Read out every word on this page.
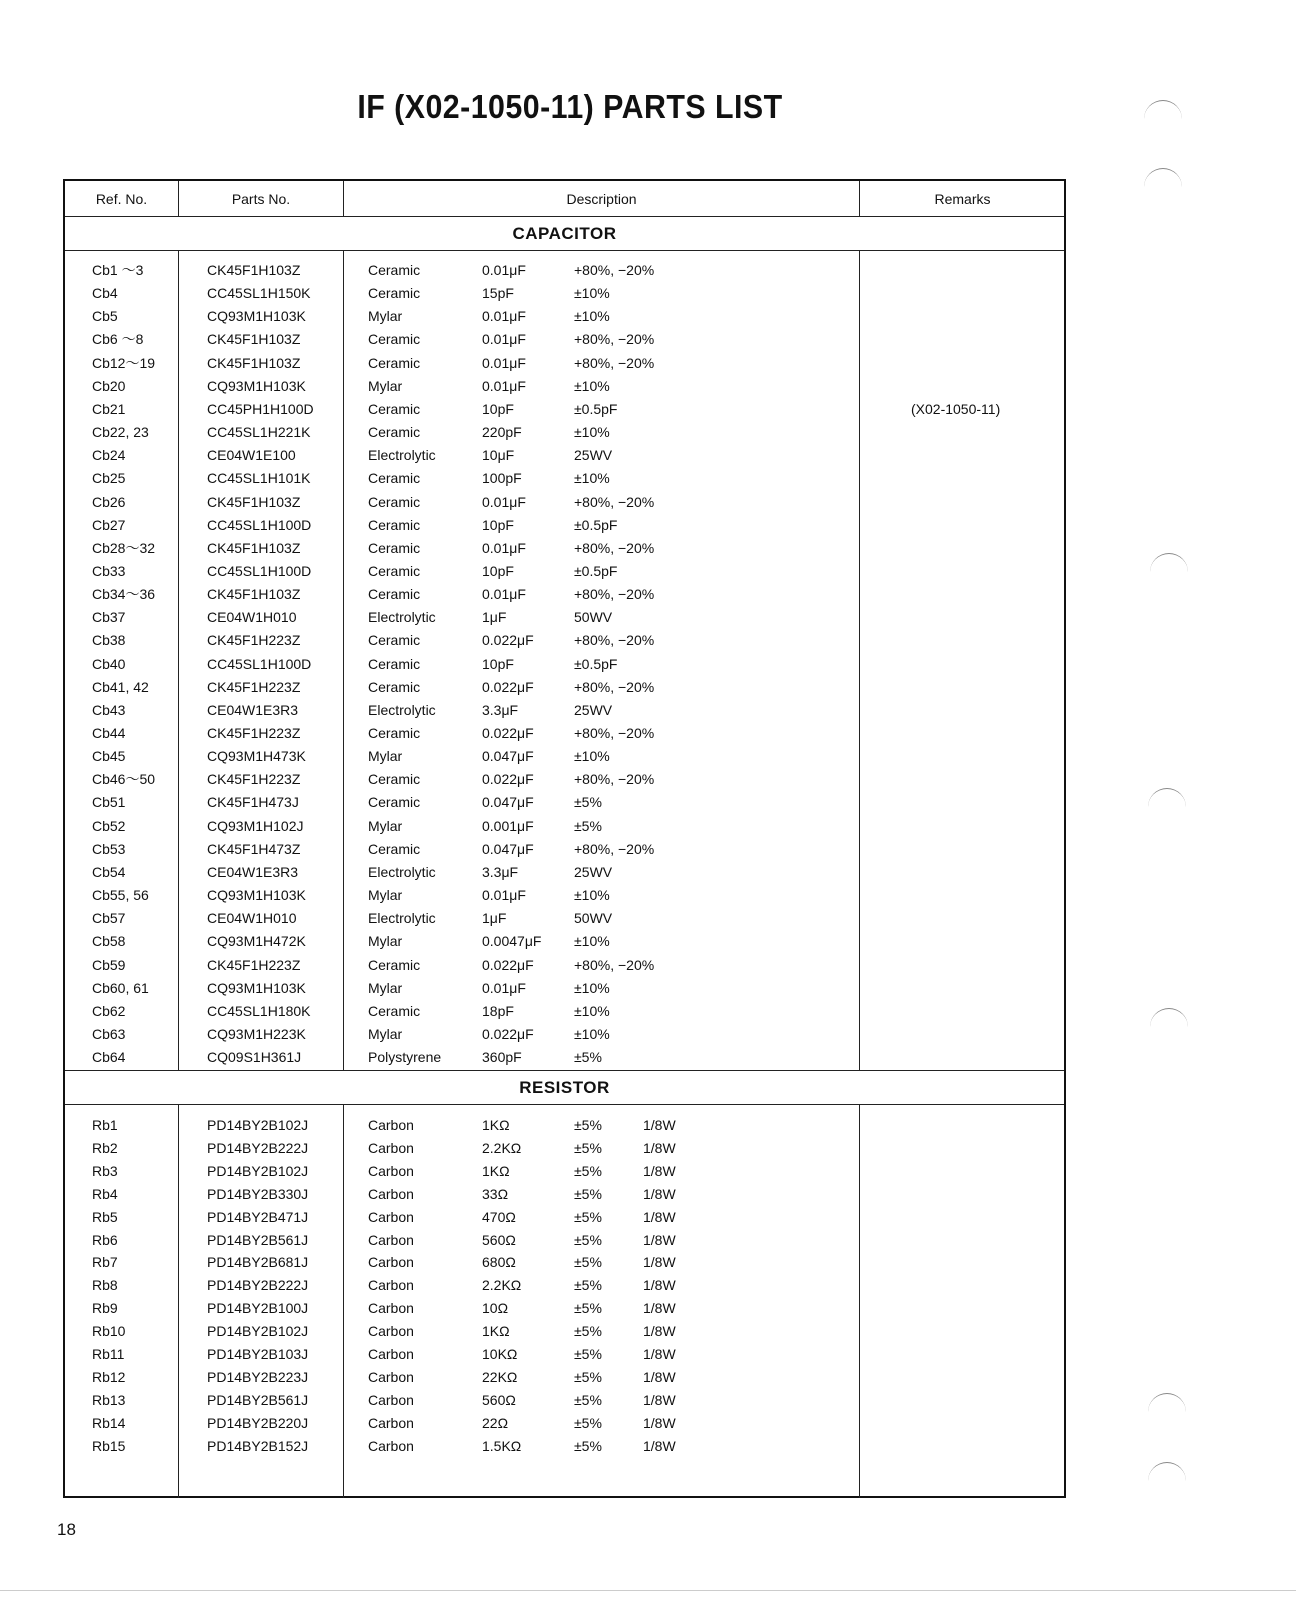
IF (X02-1050-11) PARTS LIST
Ref. No.	Parts No.	Description	Remarks
CAPACITOR
Cb1 ～3	CK45F1H103Z	Ceramic	0.01μF	+80%, −20%
Cb4	CC45SL1H150K	Ceramic	15pF	±10%
Cb5	CQ93M1H103K	Mylar	0.01μF	±10%
Cb6 ～8	CK45F1H103Z	Ceramic	0.01μF	+80%, −20%
Cb12～19	CK45F1H103Z	Ceramic	0.01μF	+80%, −20%
Cb20	CQ93M1H103K	Mylar	0.01μF	±10%
Cb21	CC45PH1H100D	Ceramic	10pF	±0.5pF	(X02-1050-11)
Cb22, 23	CC45SL1H221K	Ceramic	220pF	±10%
Cb24	CE04W1E100	Electrolytic	10μF	25WV
Cb25	CC45SL1H101K	Ceramic	100pF	±10%
Cb26	CK45F1H103Z	Ceramic	0.01μF	+80%, −20%
Cb27	CC45SL1H100D	Ceramic	10pF	±0.5pF
Cb28～32	CK45F1H103Z	Ceramic	0.01μF	+80%, −20%
Cb33	CC45SL1H100D	Ceramic	10pF	±0.5pF
Cb34～36	CK45F1H103Z	Ceramic	0.01μF	+80%, −20%
Cb37	CE04W1H010	Electrolytic	1μF	50WV
Cb38	CK45F1H223Z	Ceramic	0.022μF	+80%, −20%
Cb40	CC45SL1H100D	Ceramic	10pF	±0.5pF
Cb41, 42	CK45F1H223Z	Ceramic	0.022μF	+80%, −20%
Cb43	CE04W1E3R3	Electrolytic	3.3μF	25WV
Cb44	CK45F1H223Z	Ceramic	0.022μF	+80%, −20%
Cb45	CQ93M1H473K	Mylar	0.047μF	±10%
Cb46～50	CK45F1H223Z	Ceramic	0.022μF	+80%, −20%
Cb51	CK45F1H473J	Ceramic	0.047μF	±5%
Cb52	CQ93M1H102J	Mylar	0.001μF	±5%
Cb53	CK45F1H473Z	Ceramic	0.047μF	+80%, −20%
Cb54	CE04W1E3R3	Electrolytic	3.3μF	25WV
Cb55, 56	CQ93M1H103K	Mylar	0.01μF	±10%
Cb57	CE04W1H010	Electrolytic	1μF	50WV
Cb58	CQ93M1H472K	Mylar	0.0047μF ±10%
Cb59	CK45F1H223Z	Ceramic	0.022μF	+80%, −20%
Cb60, 61	CQ93M1H103K	Mylar	0.01μF	±10%
Cb62	CC45SL1H180K	Ceramic	18pF	±10%
Cb63	CQ93M1H223K	Mylar	0.022μF	±10%
Cb64	CQ09S1H361J	Polystyrene	360pF	±5%
RESISTOR
Rb1	PD14BY2B102J	Carbon	1KΩ	±5%	1/8W
Rb2	PD14BY2B222J	Carbon	2.2KΩ	±5%	1/8W
Rb3	PD14BY2B102J	Carbon	1KΩ	±5%	1/8W
Rb4	PD14BY2B330J	Carbon	33Ω	±5%	1/8W
Rb5	PD14BY2B471J	Carbon	470Ω	±5%	1/8W
Rb6	PD14BY2B561J	Carbon	560Ω	±5%	1/8W
Rb7	PD14BY2B681J	Carbon	680Ω	±5%	1/8W
Rb8	PD14BY2B222J	Carbon	2.2KΩ	±5%	1/8W
Rb9	PD14BY2B100J	Carbon	10Ω	±5%	1/8W
Rb10	PD14BY2B102J	Carbon	1KΩ	±5%	1/8W
Rb11	PD14BY2B103J	Carbon	10KΩ	±5%	1/8W
Rb12	PD14BY2B223J	Carbon	22KΩ	±5%	1/8W
Rb13	PD14BY2B561J	Carbon	560Ω	±5%	1/8W
Rb14	PD14BY2B220J	Carbon	22Ω	±5%	1/8W
Rb15	PD14BY2B152J	Carbon	1.5KΩ	±5%	1/8W
18
